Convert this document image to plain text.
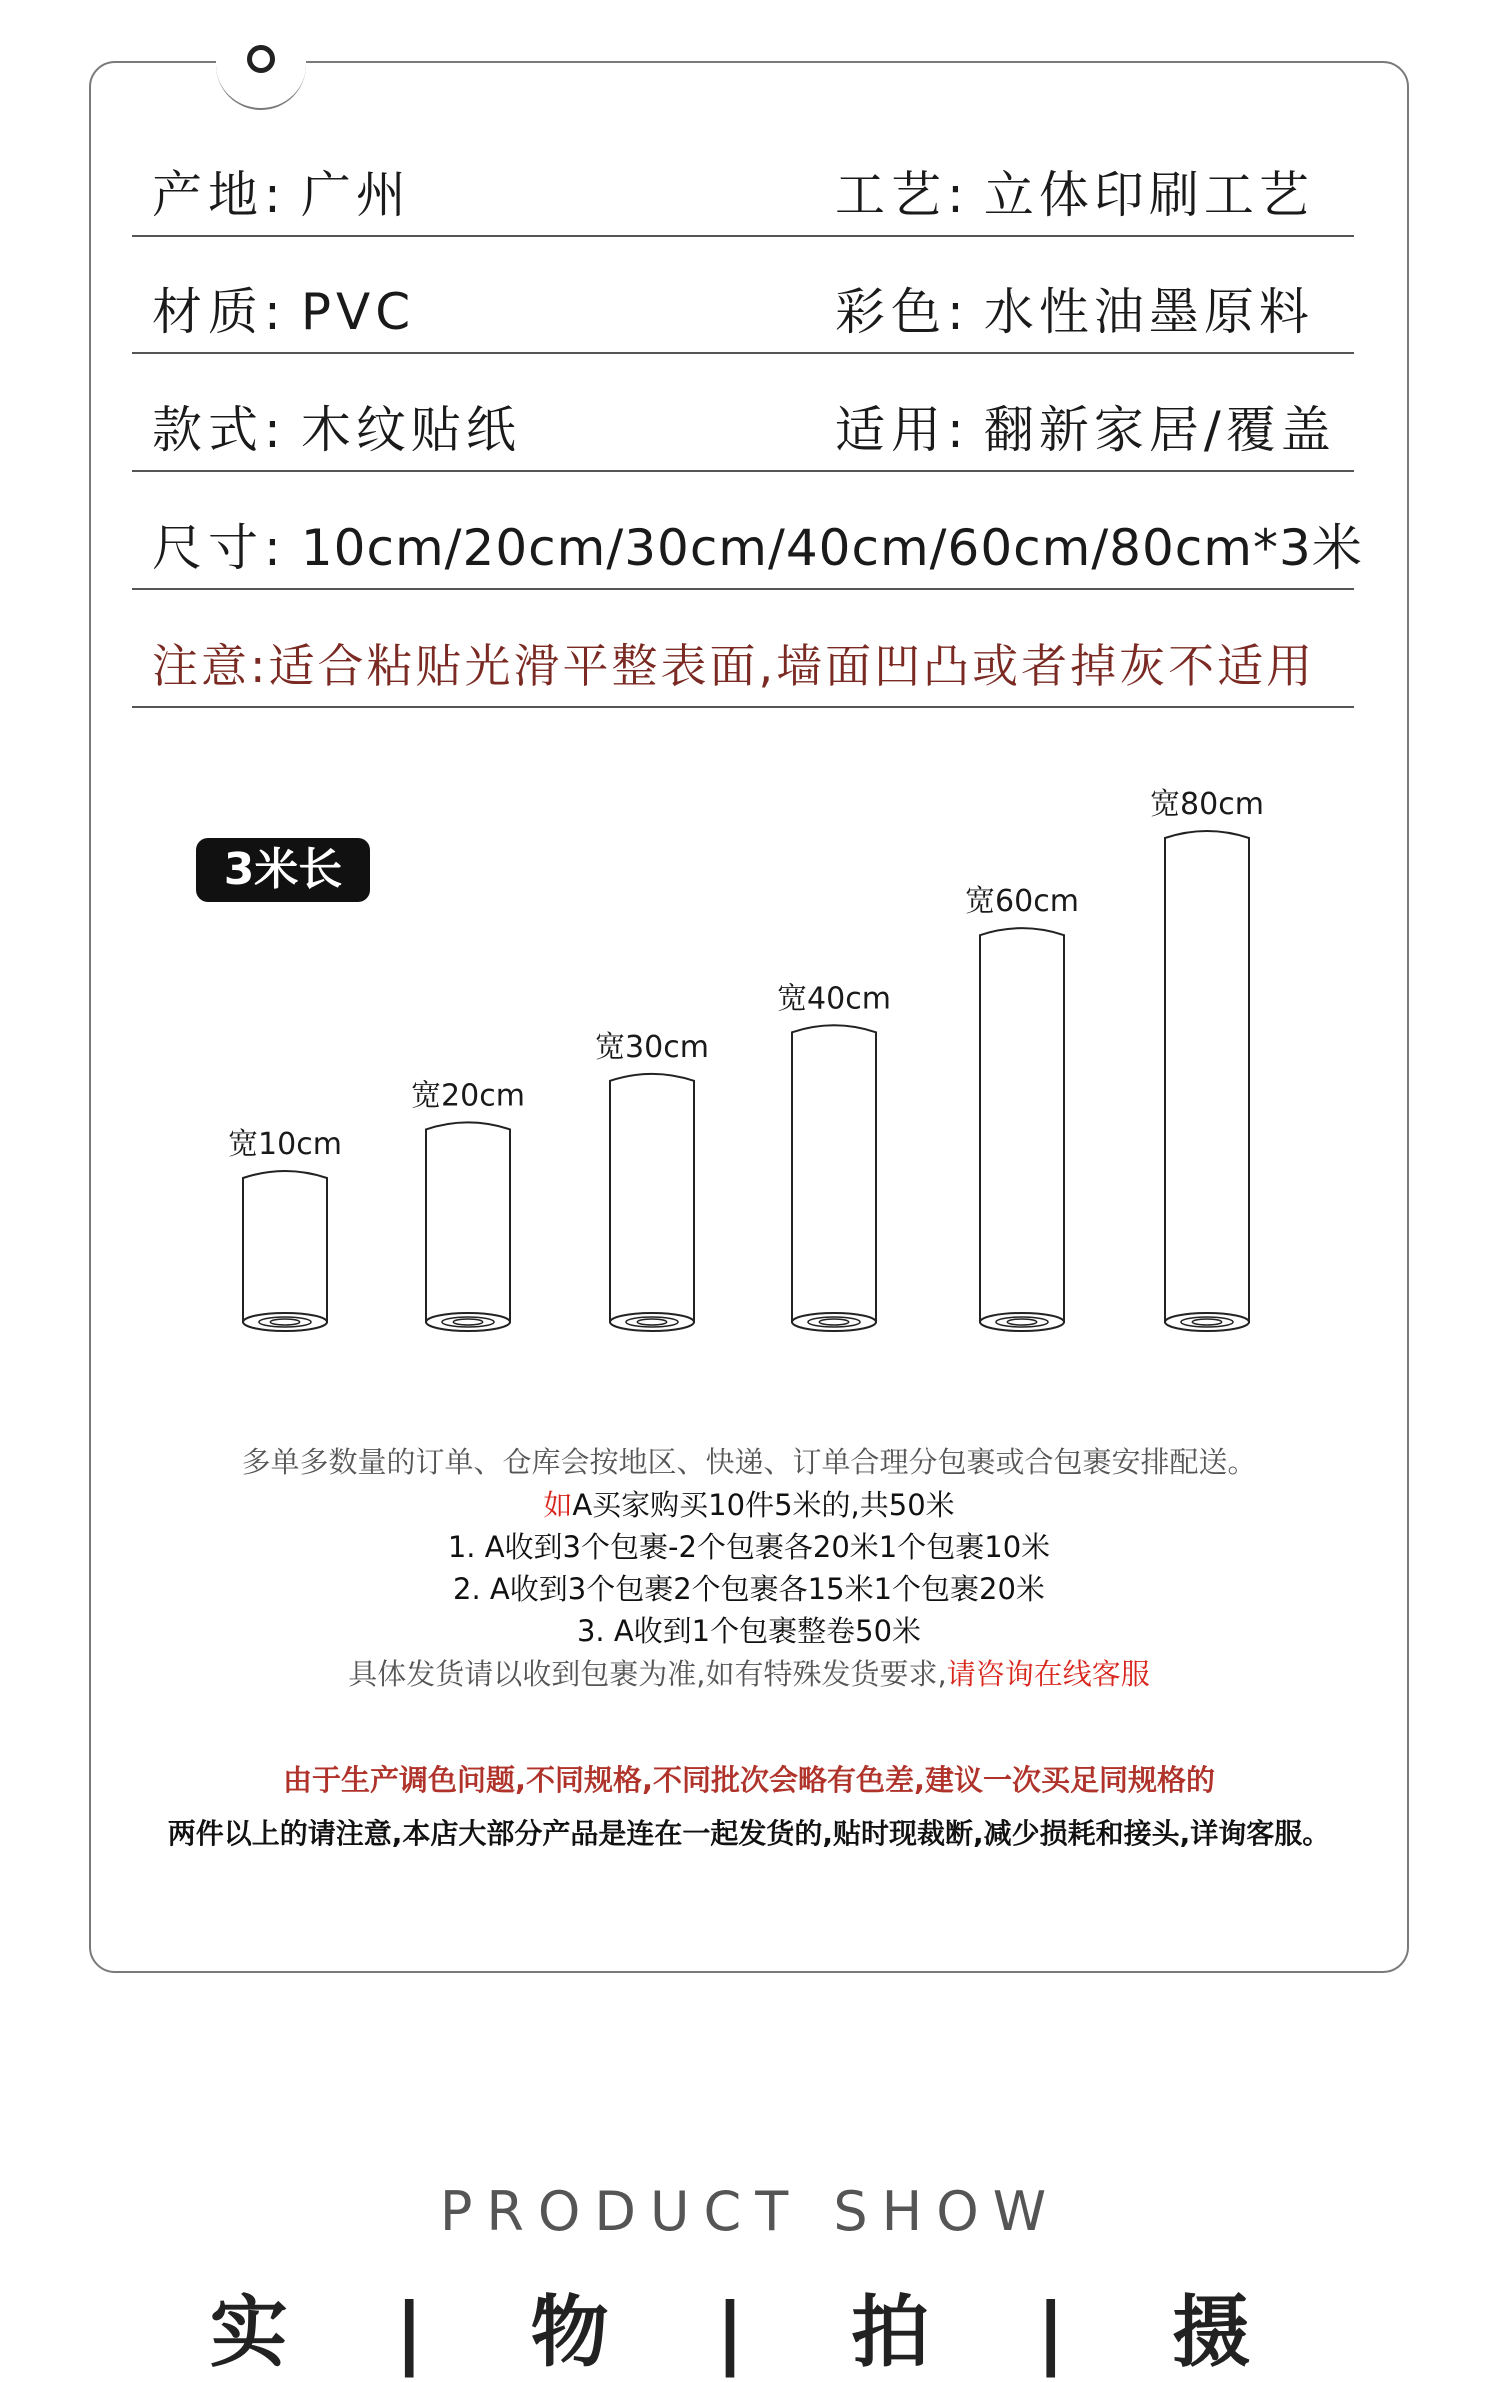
产地: 广州	工艺: 立体印刷工艺
材质: PVC	彩色: 水性油墨原料
款式: 木纹贴纸	适用: 翻新家居/覆盖
尺寸: 10cm/20cm/30cm/40cm/60cm/80cm*3米
注意:适合粘贴光滑平整表面,墙面凹凸或者掉灰不适用
3米长
宽10cm
宽20cm
宽30cm
宽40cm
宽60cm
宽80cm
多单多数量的订单、仓库会按地区、快递、订单合理分包裹或合包裹安排配送。
如A买家购买10件5米的,共50米
1. A收到3个包裹-2个包裹各20米1个包裹10米
2. A收到3个包裹2个包裹各15米1个包裹20米
3. A收到1个包裹整卷50米
具体发货请以收到包裹为准,如有特殊发货要求,请咨询在线客服
由于生产调色问题,不同规格,不同批次会略有色差,建议一次买足同规格的
两件以上的请注意,本店大部分产品是连在一起发货的,贴时现裁断,减少损耗和接头,详询客服。
PRODUCT SHOW
实 | 物 | 拍 | 摄
